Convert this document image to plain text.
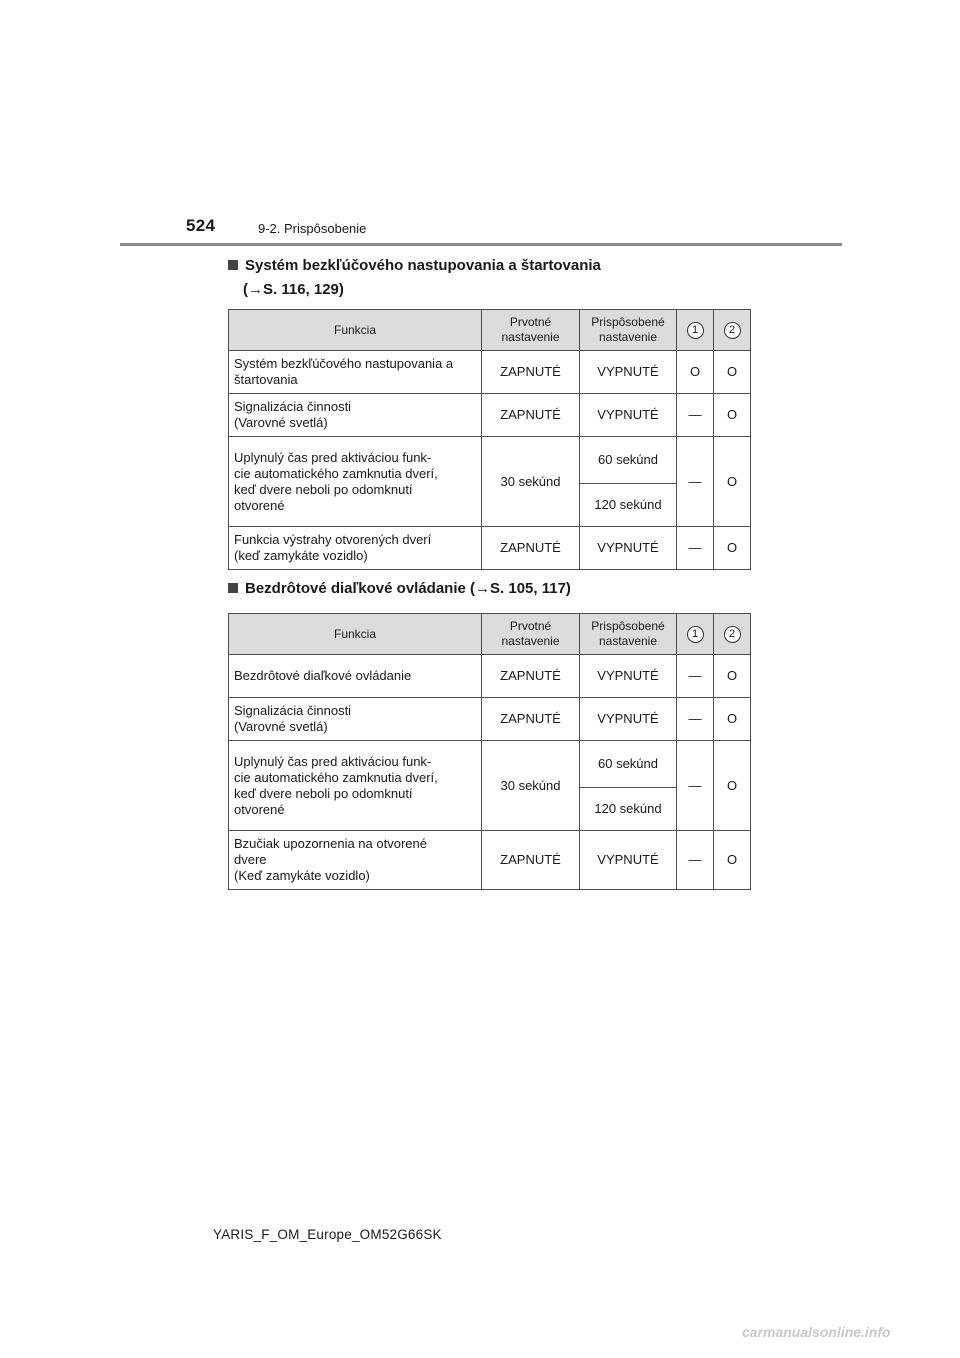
524	9-2. Prispôsobenie
Systém bezkľúčového nastupovania a štartovania
(→S. 116, 129)
Funkcia	Prvotné nastavenie	Prispôsobené nastavenie	1	2
Systém bezkľúčového nastupovania a štartovania	ZAPNUTÉ	VYPNUTÉ	O	O
Signalizácia činnosti
(Varovné svetlá)	ZAPNUTÉ	VYPNUTÉ	—	O
Uplynulý čas pred aktiváciou funk-
cie automatického zamknutia dverí,
keď dvere neboli po odomknutí
otvorené	30 sekúnd	60 sekúnd	—	O
		120 sekúnd		
Funkcia výstrahy otvorených dverí
(keď zamykáte vozidlo)	ZAPNUTÉ	VYPNUTÉ	—	O
Bezdrôtové diaľkové ovládanie (→S. 105, 117)
Funkcia	Prvotné nastavenie	Prispôsobené nastavenie	1	2
Bezdrôtové diaľkové ovládanie	ZAPNUTÉ	VYPNUTÉ	—	O
Signalizácia činnosti
(Varovné svetlá)	ZAPNUTÉ	VYPNUTÉ	—	O
Uplynulý čas pred aktiváciou funk-
cie automatického zamknutia dverí,
keď dvere neboli po odomknutí
otvorené	30 sekúnd	60 sekúnd	—	O
		120 sekúnd		
Bzučiak upozornenia na otvorené
dvere
(Keď zamykáte vozidlo)	ZAPNUTÉ	VYPNUTÉ	—	O
YARIS_F_OM_Europe_OM52G66SK
carmanualsonline.info
